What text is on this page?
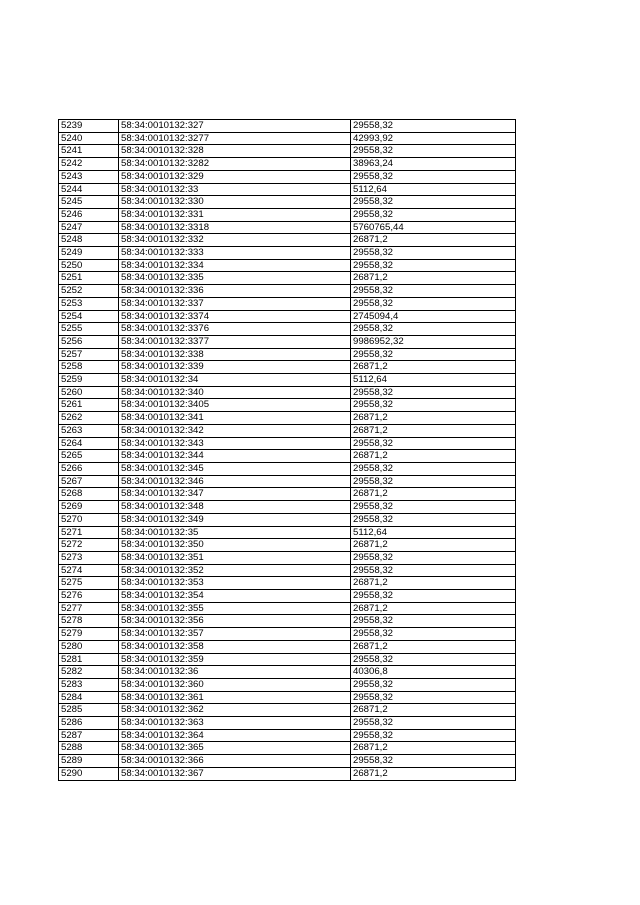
5239	58:34:0010132:327	29558,32
5240	58:34:0010132:3277	42993,92
5241	58:34:0010132:328	29558,32
5242	58:34:0010132:3282	38963,24
5243	58:34:0010132:329	29558,32
5244	58:34:0010132:33	5112,64
5245	58:34:0010132:330	29558,32
5246	58:34:0010132:331	29558,32
5247	58:34:0010132:3318	5760765,44
5248	58:34:0010132:332	26871,2
5249	58:34:0010132:333	29558,32
5250	58:34:0010132:334	29558,32
5251	58:34:0010132:335	26871,2
5252	58:34:0010132:336	29558,32
5253	58:34:0010132:337	29558,32
5254	58:34:0010132:3374	2745094,4
5255	58:34:0010132:3376	29558,32
5256	58:34:0010132:3377	9986952,32
5257	58:34:0010132:338	29558,32
5258	58:34:0010132:339	26871,2
5259	58:34:0010132:34	5112,64
5260	58:34:0010132:340	29558,32
5261	58:34:0010132:3405	29558,32
5262	58:34:0010132:341	26871,2
5263	58:34:0010132:342	26871,2
5264	58:34:0010132:343	29558,32
5265	58:34:0010132:344	26871,2
5266	58:34:0010132:345	29558,32
5267	58:34:0010132:346	29558,32
5268	58:34:0010132:347	26871,2
5269	58:34:0010132:348	29558,32
5270	58:34:0010132:349	29558,32
5271	58:34:0010132:35	5112,64
5272	58:34:0010132:350	26871,2
5273	58:34:0010132:351	29558,32
5274	58:34:0010132:352	29558,32
5275	58:34:0010132:353	26871,2
5276	58:34:0010132:354	29558,32
5277	58:34:0010132:355	26871,2
5278	58:34:0010132:356	29558,32
5279	58:34:0010132:357	29558,32
5280	58:34:0010132:358	26871,2
5281	58:34:0010132:359	29558,32
5282	58:34:0010132:36	40306,8
5283	58:34:0010132:360	29558,32
5284	58:34:0010132:361	29558,32
5285	58:34:0010132:362	26871,2
5286	58:34:0010132:363	29558,32
5287	58:34:0010132:364	29558,32
5288	58:34:0010132:365	26871,2
5289	58:34:0010132:366	29558,32
5290	58:34:0010132:367	26871,2
